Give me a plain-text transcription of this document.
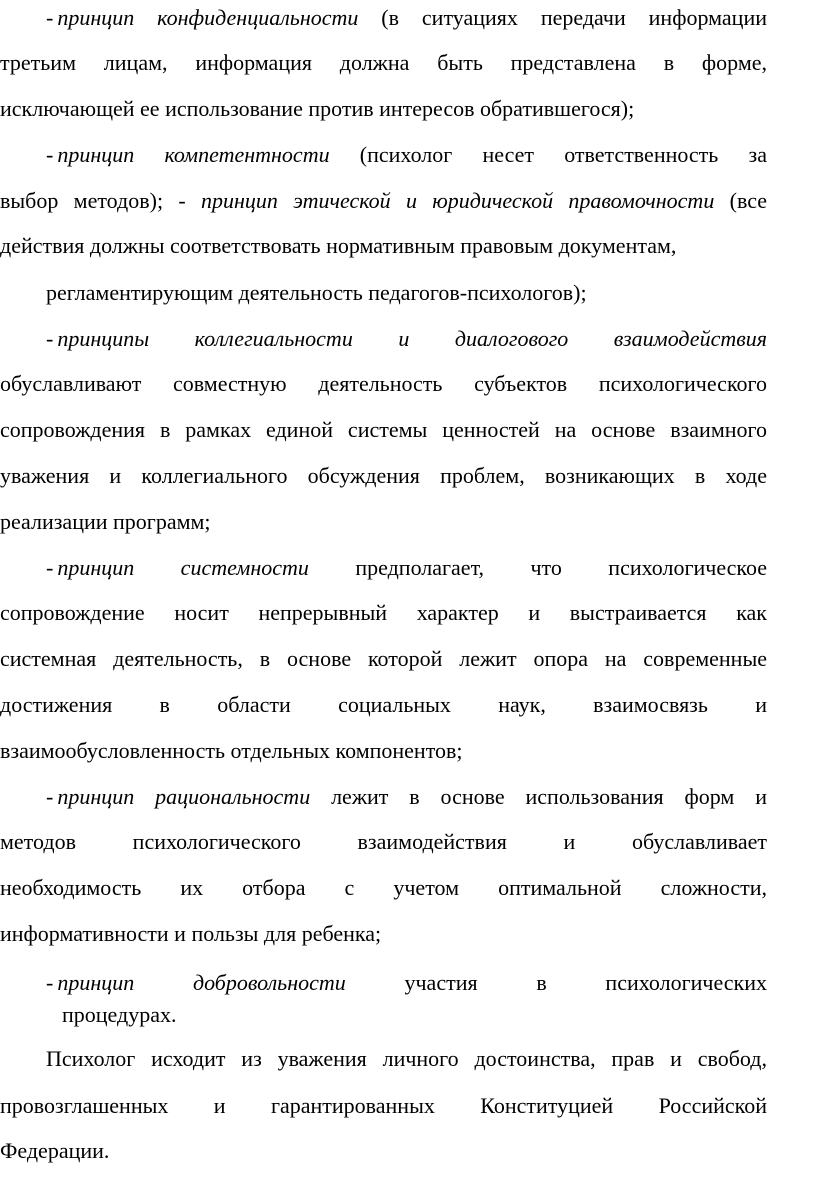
- принцип конфиденциальности (в ситуациях передачи информации
третьим лицам, информация должна быть представлена в форме,
исключающей ее использование против интересов обратившегося);
- принцип компетентности (психолог несет ответственность за
выбор методов); - принцип этической и юридической правомочности (все
действия должны соответствовать нормативным правовым документам,
регламентирующим деятельность педагогов-психологов);
- принципы коллегиальности и диалогового взаимодействия
обуславливают совместную деятельность субъектов психологического
сопровождения в рамках единой системы ценностей на основе взаимного
уважения и коллегиального обсуждения проблем, возникающих в ходе
реализации программ;
- принцип системности предполагает, что психологическое
сопровождение носит непрерывный характер и выстраивается как
системная деятельность, в основе которой лежит опора на современные
достижения в области социальных наук, взаимосвязь и
взаимообусловленность отдельных компонентов;
- принцип рациональности лежит в основе использования форм и
методов психологического взаимодействия и обуславливает
необходимость их отбора с учетом оптимальной сложности,
информативности и пользы для ребенка;
- принцип добровольности участия в психологических
процедурах.
Психолог исходит из уважения личного достоинства, прав и свобод,
провозглашенных и гарантированных Конституцией Российской
Федерации.
